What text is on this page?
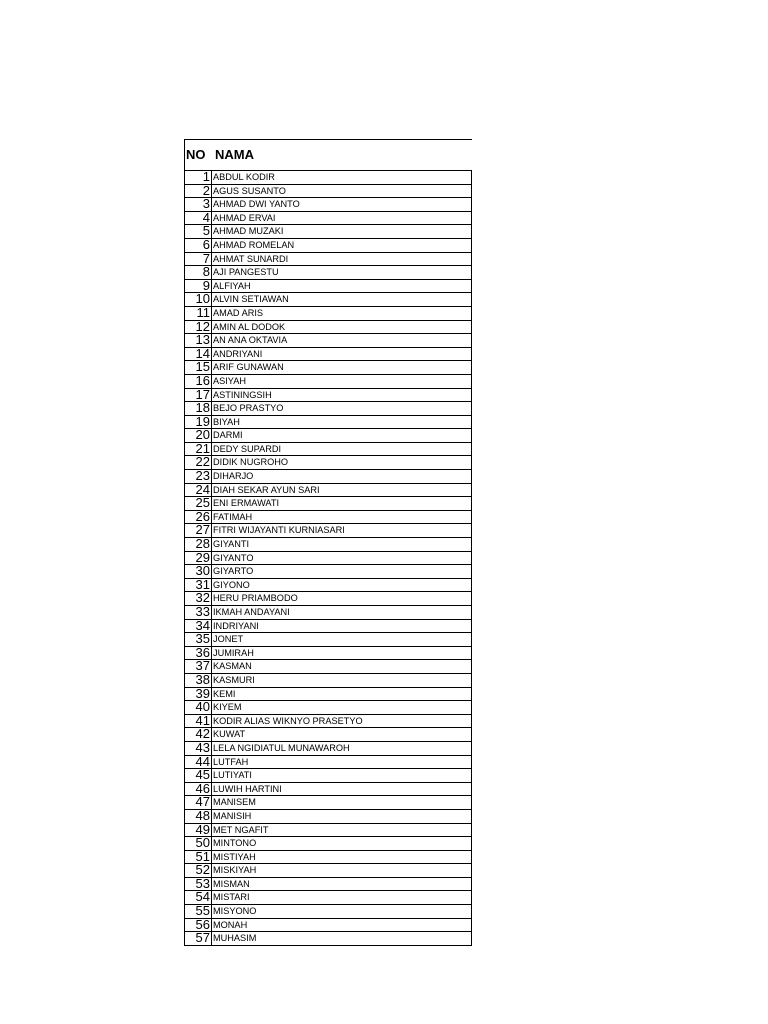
NO NAMA
1 ABDUL KODIR
2 AGUS SUSANTO
3 AHMAD DWI YANTO
4 AHMAD ERVAI
5 AHMAD MUZAKI
6 AHMAD ROMELAN
7 AHMAT SUNARDI
8 AJI PANGESTU
9 ALFIYAH
10 ALVIN SETIAWAN
11 AMAD ARIS
12 AMIN AL DODOK
13 AN ANA OKTAVIA
14 ANDRIYANI
15 ARIF GUNAWAN
16 ASIYAH
17 ASTININGSIH
18 BEJO PRASTYO
19 BIYAH
20 DARMI
21 DEDY SUPARDI
22 DIDIK NUGROHO
23 DIHARJO
24 DIAH SEKAR AYUN SARI
25 ENI ERMAWATI
26 FATIMAH
27 FITRI WIJAYANTI KURNIASARI
28 GIYANTI
29 GIYANTO
30 GIYARTO
31 GIYONO
32 HERU PRIAMBODO
33 IKMAH ANDAYANI
34 INDRIYANI
35 JONET
36 JUMIRAH
37 KASMAN
38 KASMURI
39 KEMI
40 KIYEM
41 KODIR ALIAS WIKNYO PRASETYO
42 KUWAT
43 LELA NGIDIATUL MUNAWAROH
44 LUTFAH
45 LUTIYATI
46 LUWIH HARTINI
47 MANISEM
48 MANISIH
49 MET NGAFIT
50 MINTONO
51 MISTIYAH
52 MISKIYAH
53 MISMAN
54 MISTARI
55 MISYONO
56 MONAH
57 MUHASIM
